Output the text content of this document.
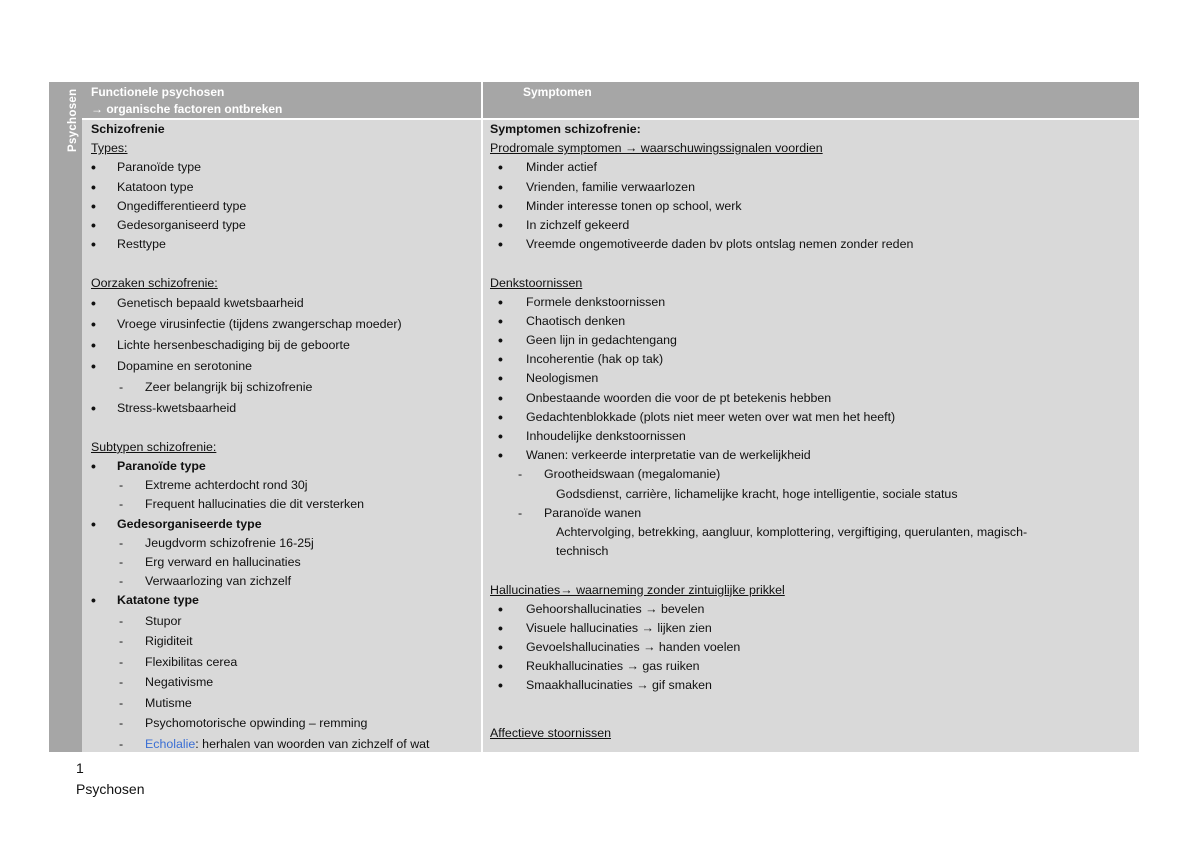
Psychosen Functionele psychosen
→ organische factoren ontbreken
Symptomen
Schizofrenie
Types:
• Paranoïde type
• Katatoon type
• Ongedifferentieerd type
• Gedesorganiseerd type
• Resttype
Oorzaken schizofrenie:
• Genetisch bepaald kwetsbaarheid
• Vroege virusinfectie (tijdens zwangerschap moeder)
• Lichte hersenbeschadiging bij de geboorte
• Dopamine en serotonine
- Zeer belangrijk bij schizofrenie
• Stress-kwetsbaarheid
Subtypen schizofrenie:
• Paranoïde type
- Extreme achterdocht rond 30j
- Frequent hallucinaties die dit versterken
• Gedesorganiseerde type
- Jeugdvorm schizofrenie 16-25j
- Erg verward en hallucinaties
- Verwaarlozing van zichzelf
• Katatone type
- Stupor
- Rigiditeit
- Flexibilitas cerea
- Negativisme
- Mutisme
- Psychomotorische opwinding – remming
- Echolalie: herhalen van woorden van zichzelf of wat
Symptomen schizofrenie:
Prodromale symptomen → waarschuwingssignalen voordien
• Minder actief
• Vrienden, familie verwaarlozen
• Minder interesse tonen op school, werk
• In zichzelf gekeerd
• Vreemde ongemotiveerde daden bv plots ontslag nemen zonder reden
Denkstoornissen
• Formele denkstoornissen
• Chaotisch denken
• Geen lijn in gedachtengang
• Incoherentie (hak op tak)
• Neologismen
• Onbestaande woorden die voor de pt betekenis hebben
• Gedachtenblokkade (plots niet meer weten over wat men het heeft)
• Inhoudelijke denkstoornissen
• Wanen: verkeerde interpretatie van de werkelijkheid
- Grootheidswaan (megalomanie)
Godsdienst, carrière, lichamelijke kracht, hoge intelligentie, sociale status
- Paranoïde wanen
Achtervolging, betrekking, aangluur, komplottering, vergiftiging, querulanten, magisch-
technisch
Hallucinaties→ waarneming zonder zintuiglijke prikkel
• Gehoorshallucinaties → bevelen
• Visuele hallucinaties → lijken zien
• Gevoelshallucinaties → handen voelen
• Reukhallucinaties → gas ruiken
• Smaakhallucinaties → gif smaken
Affectieve stoornissen
1
Psychosen
